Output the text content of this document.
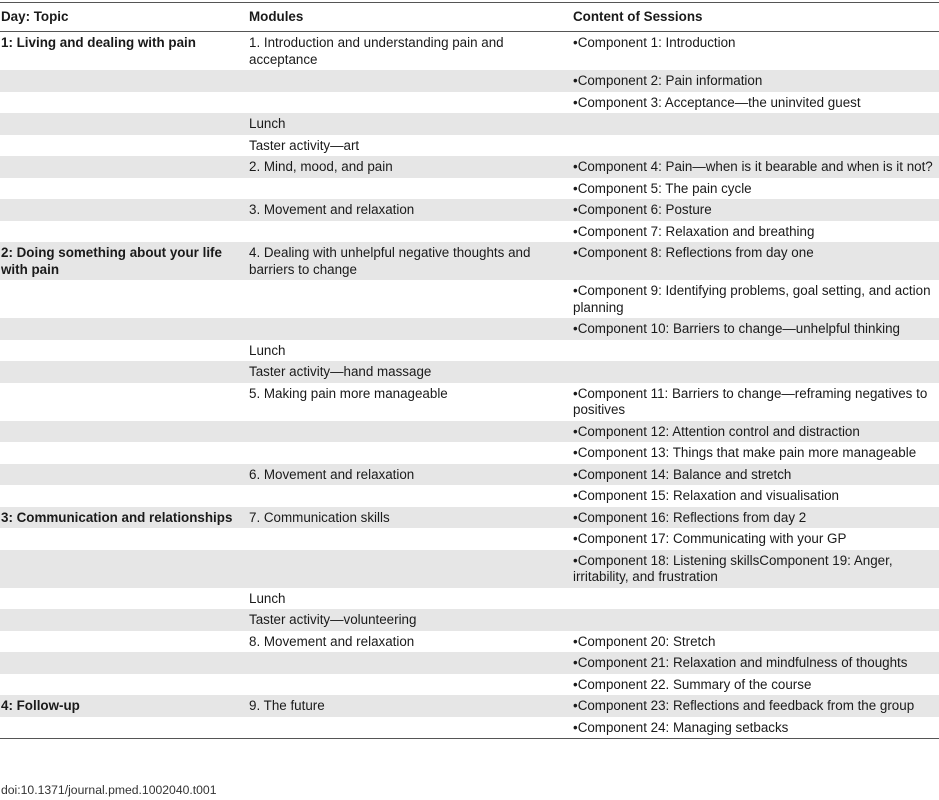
Day: Topic	Modules	Content of Sessions
1: Living and dealing with pain	1. Introduction and understanding pain and acceptance	•Component 1: Introduction
		•Component 2: Pain information
		•Component 3: Acceptance—the uninvited guest
	Lunch	
	Taster activity—art	
	2. Mind, mood, and pain	•Component 4: Pain—when is it bearable and when is it not?
		•Component 5: The pain cycle
	3. Movement and relaxation	•Component 6: Posture
		•Component 7: Relaxation and breathing
2: Doing something about your life with pain	4. Dealing with unhelpful negative thoughts and barriers to change	•Component 8: Reflections from day one
		•Component 9: Identifying problems, goal setting, and action planning
		•Component 10: Barriers to change—unhelpful thinking
	Lunch	
	Taster activity—hand massage	
	5. Making pain more manageable	•Component 11: Barriers to change—reframing negatives to positives
		•Component 12: Attention control and distraction
		•Component 13: Things that make pain more manageable
	6. Movement and relaxation	•Component 14: Balance and stretch
		•Component 15: Relaxation and visualisation
3: Communication and relationships	7. Communication skills	•Component 16: Reflections from day 2
		•Component 17: Communicating with your GP
		•Component 18: Listening skillsComponent 19: Anger, irritability, and frustration
	Lunch	
	Taster activity—volunteering	
	8. Movement and relaxation	•Component 20: Stretch
		•Component 21: Relaxation and mindfulness of thoughts
		•Component 22. Summary of the course
4: Follow-up	9. The future	•Component 23: Reflections and feedback from the group
		•Component 24: Managing setbacks
doi:10.1371/journal.pmed.1002040.t001
